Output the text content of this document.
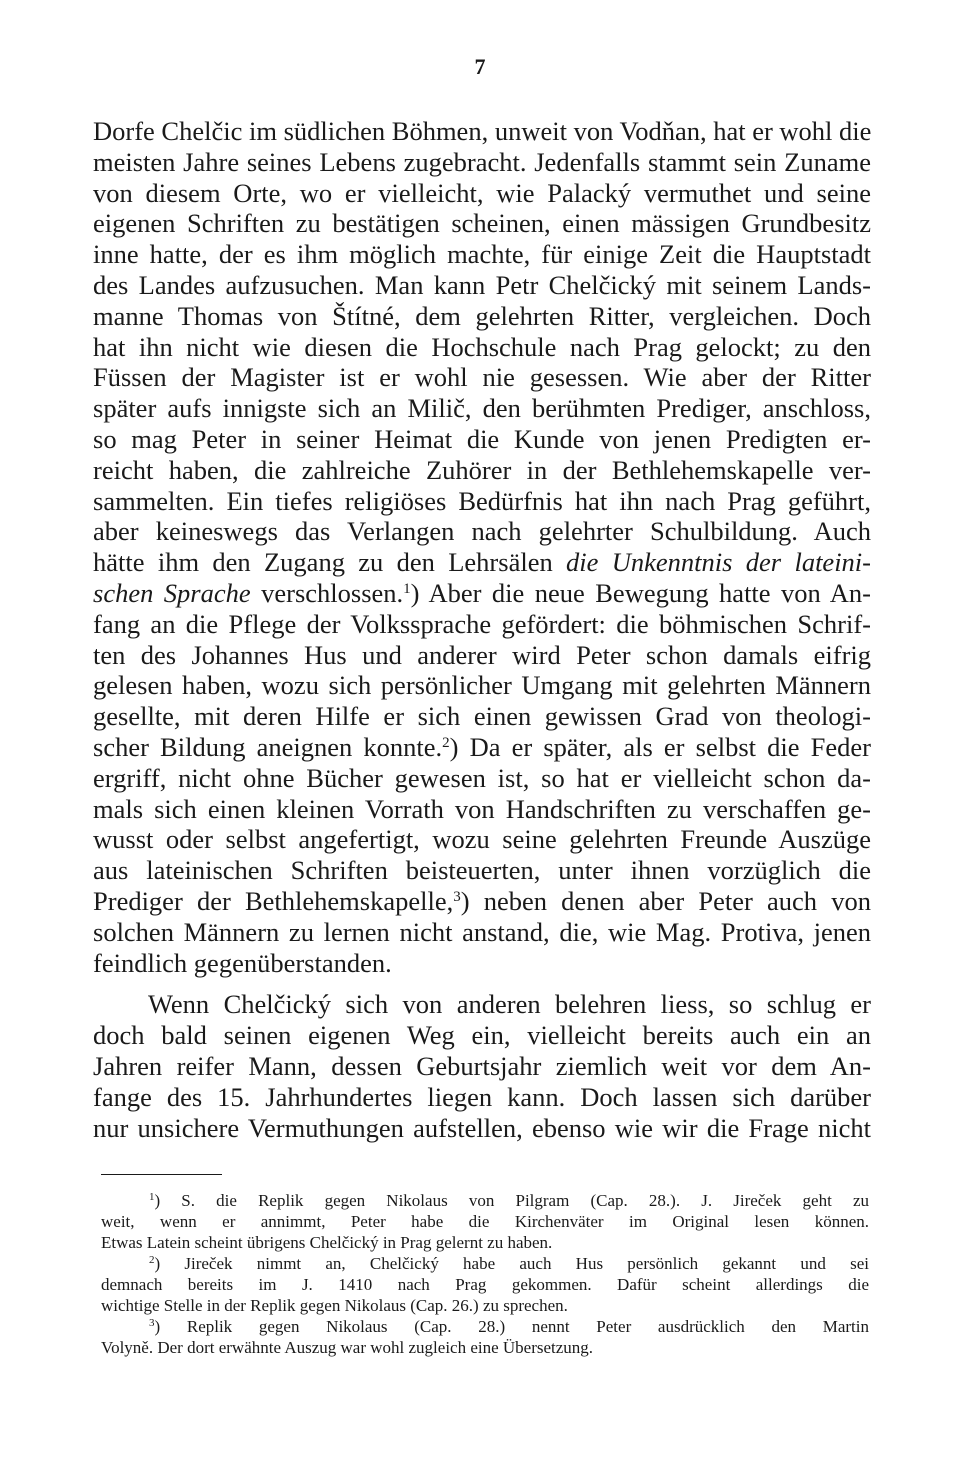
7
Dorfe Chelčic im südlichen Böhmen, unweit von Vodňan, hat er wohl die
meisten Jahre seines Lebens zugebracht. Jedenfalls stammt sein Zuname
von diesem Orte, wo er vielleicht, wie Palacký vermuthet und seine
eigenen Schriften zu bestätigen scheinen, einen mässigen Grundbesitz
inne hatte, der es ihm möglich machte, für einige Zeit die Hauptstadt
des Landes aufzusuchen. Man kann Petr Chelčický mit seinem Lands-
manne Thomas von Štítné, dem gelehrten Ritter, vergleichen. Doch
hat ihn nicht wie diesen die Hochschule nach Prag gelockt; zu den
Füssen der Magister ist er wohl nie gesessen. Wie aber der Ritter
später aufs innigste sich an Milič, den berühmten Prediger, anschloss,
so mag Peter in seiner Heimat die Kunde von jenen Predigten er-
reicht haben, die zahlreiche Zuhörer in der Bethlehemskapelle ver-
sammelten. Ein tiefes religiöses Bedürfnis hat ihn nach Prag geführt,
aber keineswegs das Verlangen nach gelehrter Schulbildung. Auch
hätte ihm den Zugang zu den Lehrsälen die Unkenntnis der lateini-
schen Sprache verschlossen.$^1$) Aber die neue Bewegung hatte von An-
fang an die Pflege der Volkssprache gefördert: die böhmischen Schrif-
ten des Johannes Hus und anderer wird Peter schon damals eifrig
gelesen haben, wozu sich persönlicher Umgang mit gelehrten Männern
gesellte, mit deren Hilfe er sich einen gewissen Grad von theologi-
scher Bildung aneignen konnte.$^2$) Da er später, als er selbst die Feder
ergriff, nicht ohne Bücher gewesen ist, so hat er vielleicht schon da-
mals sich einen kleinen Vorrath von Handschriften zu verschaffen ge-
wusst oder selbst angefertigt, wozu seine gelehrten Freunde Auszüge
aus lateinischen Schriften beisteuerten, unter ihnen vorzüglich die
Prediger der Bethlehemskapelle,$^3$) neben denen aber Peter auch von
solchen Männern zu lernen nicht anstand, die, wie Mag. Protiva, jenen
feindlich gegenüberstanden.
Wenn Chelčický sich von anderen belehren liess, so schlug er
doch bald seinen eigenen Weg ein, vielleicht bereits auch ein an
Jahren reifer Mann, dessen Geburtsjahr ziemlich weit vor dem An-
fange des 15. Jahrhundertes liegen kann. Doch lassen sich darüber
nur unsichere Vermuthungen aufstellen, ebenso wie wir die Frage nicht
$^1$) S. die Replik gegen Nikolaus von Pilgram (Cap. 28.). J. Jireček geht zu
weit, wenn er annimmt, Peter habe die Kirchenväter im Original lesen können.
Etwas Latein scheint übrigens Chelčický in Prag gelernt zu haben.
$^2$) Jireček nimmt an, Chelčický habe auch Hus persönlich gekannt und sei
demnach bereits im J. 1410 nach Prag gekommen. Dafür scheint allerdings die
wichtige Stelle in der Replik gegen Nikolaus (Cap. 26.) zu sprechen.
$^3$) Replik gegen Nikolaus (Cap. 28.) nennt Peter ausdrücklich den Martin
Volyně. Der dort erwähnte Auszug war wohl zugleich eine Übersetzung.
